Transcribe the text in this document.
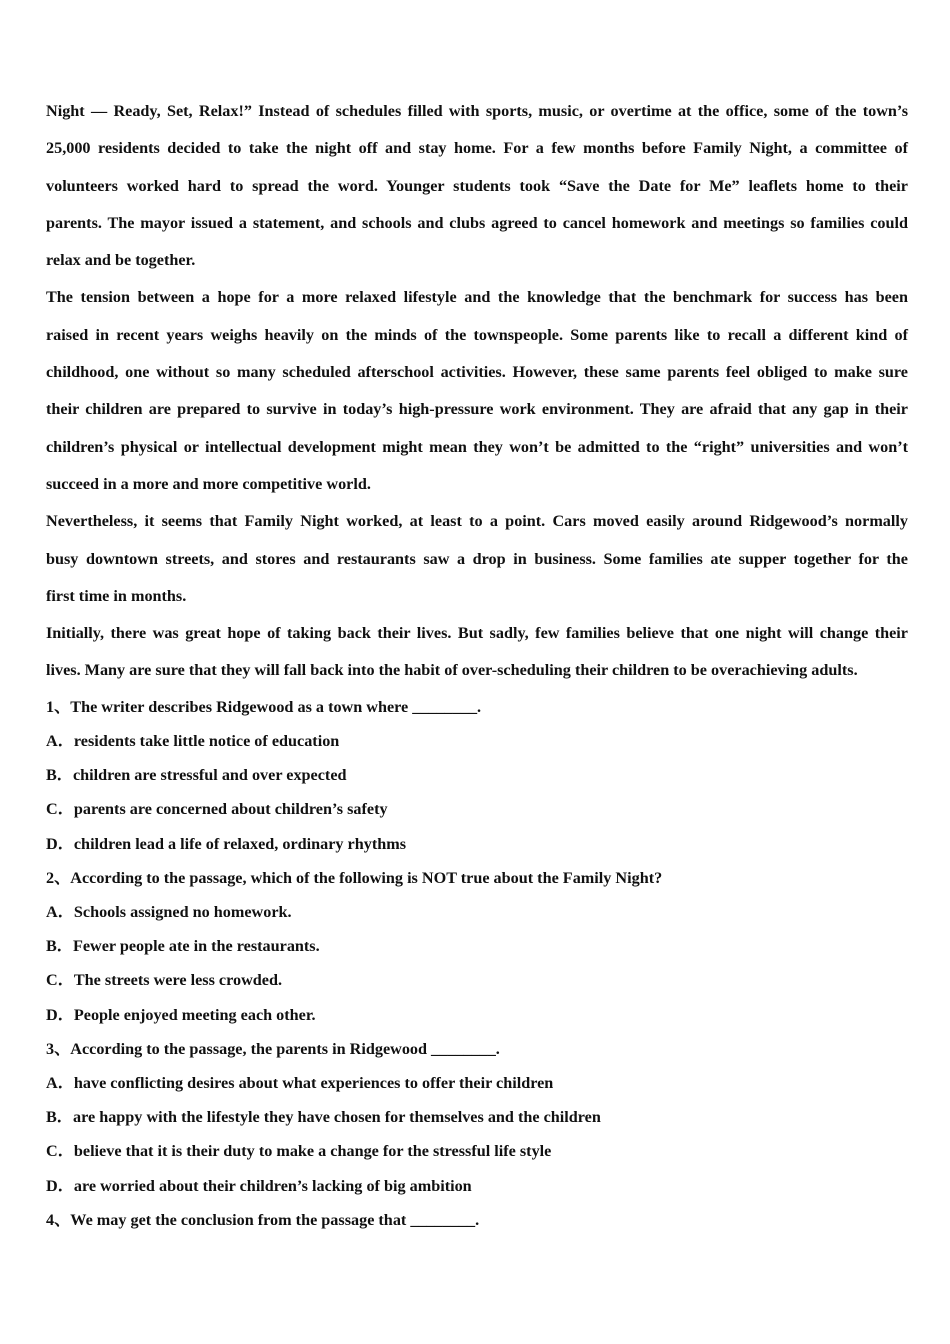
Night — Ready, Set, Relax!” Instead of schedules filled with sports, music, or overtime at the office, some of the town’s

25,000 residents decided to take the night off and stay home. For a few months before Family Night, a committee of

volunteers worked hard to spread the word. Younger students took “Save the Date for Me” leaflets home to their

parents. The mayor issued a statement, and schools and clubs agreed to cancel homework and meetings so families could

relax and be together.

The tension between a hope for a more relaxed lifestyle and the knowledge that the benchmark for success has been

raised in recent years weighs heavily on the minds of the townspeople. Some parents like to recall a different kind of

childhood, one without so many scheduled afterschool activities. However, these same parents feel obliged to make sure

their children are prepared to survive in today’s high-pressure work environment. They are afraid that any gap in their

children’s physical or intellectual development might mean they won’t be admitted to the “right” universities and won’t

succeed in a more and more competitive world.

Nevertheless, it seems that Family Night worked, at least to a point. Cars moved easily around Ridgewood’s normally

busy downtown streets, and stores and restaurants saw a drop in business. Some families ate supper together for the

first time in months.

Initially, there was great hope of taking back their lives. But sadly, few families believe that one night will change their

lives. Many are sure that they will fall back into the habit of over-scheduling their children to be overachieving adults.

1、The writer describes Ridgewood as a town where ________.

A．residents take little notice of education

B．children are stressful and over expected

C．parents are concerned about children’s safety

D．children lead a life of relaxed, ordinary rhythms

2、According to the passage, which of the following is NOT true about the Family Night?

A．Schools assigned no homework.

B．Fewer people ate in the restaurants.

C．The streets were less crowded.

D．People enjoyed meeting each other.

3、According to the passage, the parents in Ridgewood ________.

A．have conflicting desires about what experiences to offer their children

B．are happy with the lifestyle they have chosen for themselves and the children

C．believe that it is their duty to make a change for the stressful life style

D．are worried about their children’s lacking of big ambition

4、We may get the conclusion from the passage that ________.
